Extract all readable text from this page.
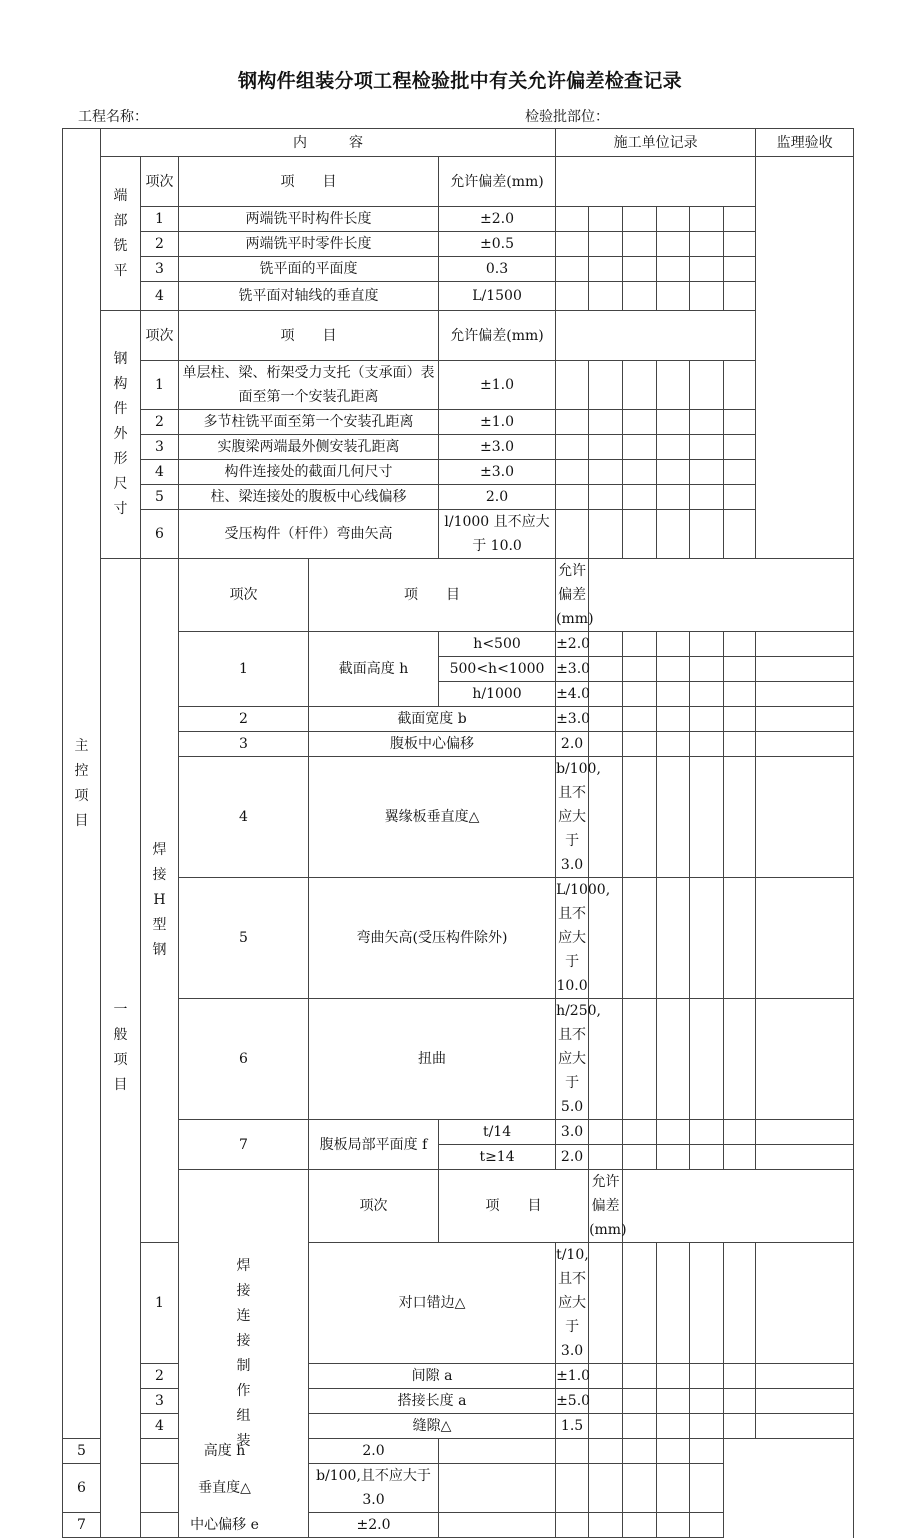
钢构件组装分项工程检验批中有关允许偏差检查记录
工程名称：	检验批部位：
主控项目	内　　　容					施工单位记录						监理验收	
	端部铣平	项次	项　　目		允许偏差(mm)								
		1	两端铣平时构件长度		±2.0								
		2	两端铣平时零件长度		±0.5								
		3	铣平面的平面度		0.3								
		4	铣平面对轴线的垂直度		L/1500								
	钢构件外形尺寸	项次	项　　目		允许偏差(mm)								
		1	单层柱、梁、桁架受力支托（支承面）表面至第一个安装孔距离		±1.0								
		2	多节柱铣平面至第一个安装孔距离		±1.0								
		3	实腹梁两端最外侧安装孔距离		±3.0								
		4	构件连接处的截面几何尺寸		±3.0								
		5	柱、梁连接处的腹板中心线偏移		2.0								
		6	受压构件（杆件）弯曲矢高		l/1000 且不应大于 10.0								
	一般项目	焊接H型钢	项次	项　　目		允许偏差(mm)							
			1	截面高度 h	h<500	±2.0							
					500<h<1000	±3.0							
					h/1000	±4.0							
			2	截面宽度 b		±3.0							
			3	腹板中心偏移		2.0							
			4	翼缘板垂直度△		b/100,且不应大于 3.0							
			5	弯曲矢高(受压构件除外)		L/1000,且不应大于 10.0							
			6	扭曲		h/250,且不应大于 5.0							
			7	腹板局部平面度 f	t/14	3.0							
					t≥14	2.0							
			焊接连接制作组装	项次	项　　目		允许偏差(mm)						
		1		对口错边△		t/10,且不应大于 3.0							
		2		间隙 a		±1.0							
		3		搭接长度 a		±5.0							
		4		缝隙△		1.5							
5		高度 h		2.0									
6		垂直度△		b/100,且不应大于 3.0									
7		中心偏移 e		±2.0									
